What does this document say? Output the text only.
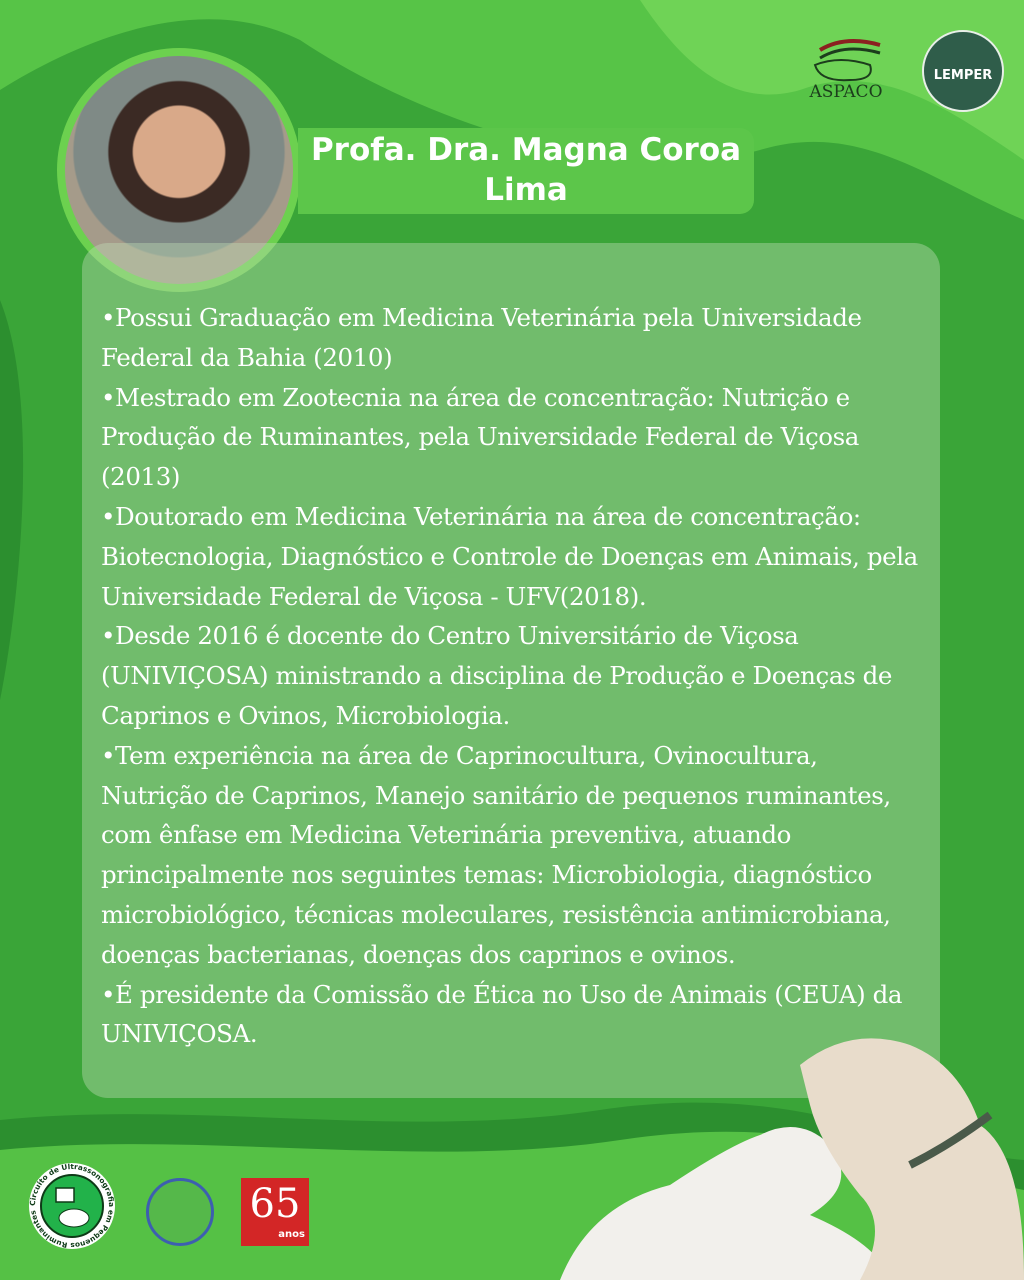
Profa. Dra. Magna Coroa Lima
ASPACO
LEMPER

•Possui Graduação em Medicina Veterinária pela Universidade Federal da Bahia (2010)

•Mestrado em Zootecnia na área de concentração: Nutrição e Produção de Ruminantes, pela Universidade Federal de Viçosa (2013)

•Doutorado em Medicina Veterinária na área de concentração: Biotecnologia, Diagnóstico e Controle de Doenças em Animais, pela Universidade Federal de Viçosa - UFV(2018).

•Desde 2016 é docente do Centro Universitário de Viçosa (UNIVIÇOSA) ministrando a disciplina de Produção e Doenças de Caprinos e Ovinos, Microbiologia.

•Tem experiência na área de Caprinocultura, Ovinocultura, Nutrição de Caprinos, Manejo sanitário de pequenos ruminantes, com ênfase em Medicina Veterinária preventiva, atuando principalmente nos seguintes temas: Microbiologia, diagnóstico microbiológico, técnicas moleculares, resistência antimicrobiana, doenças bacterianas, doenças dos caprinos e ovinos.

•É presidente da Comissão de Ética no Uso de Animais (CEUA) da UNIVIÇOSA.

Circuito de Ultrassonografia em Pequenos Ruminantes	65
anos
